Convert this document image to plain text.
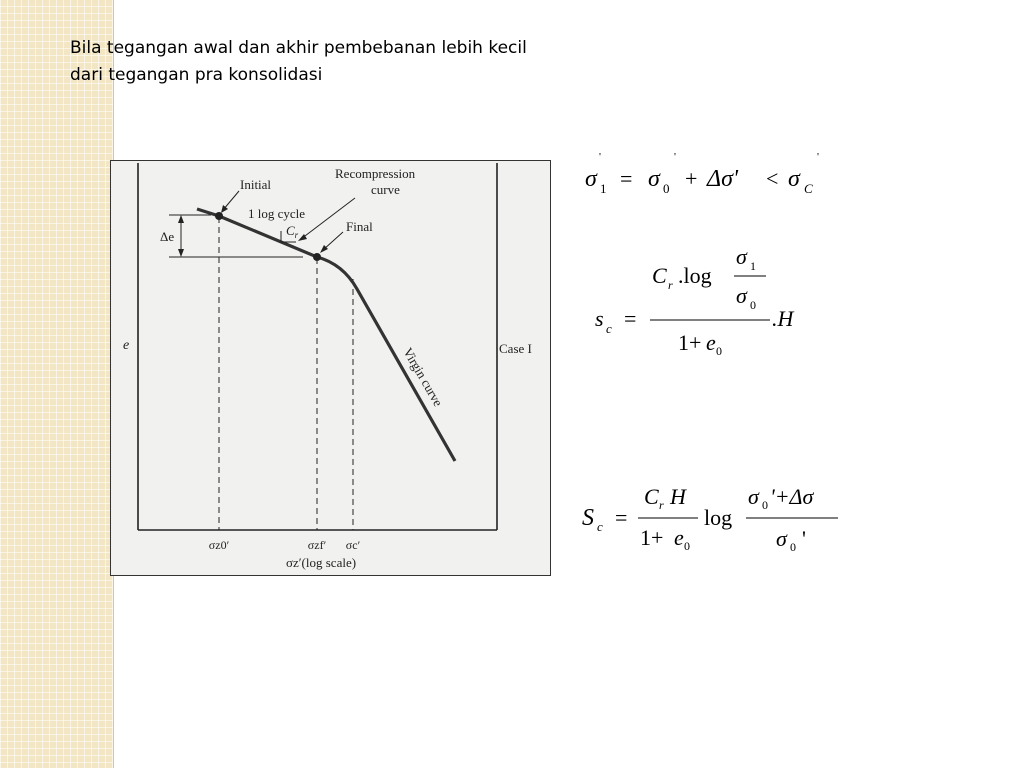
Bila tegangan awal dan akhir pembebanan lebih kecil
dari tegangan pra konsolidasi
Δe
e
Initial
Recompression
curve
1 log cycle
$C_r$
Final
Virgin curve	Case I
σz0′	σzf′ σc′
σz′(log scale)
σ 1
'
= σ 0
'
+ Δσ' < σ C
'
s c =
C r .log
σ 1
σ 0
1+ e 0
.H
S c =
C r H
1+ e 0
log
σ 0 '+Δσ
σ 0 '
